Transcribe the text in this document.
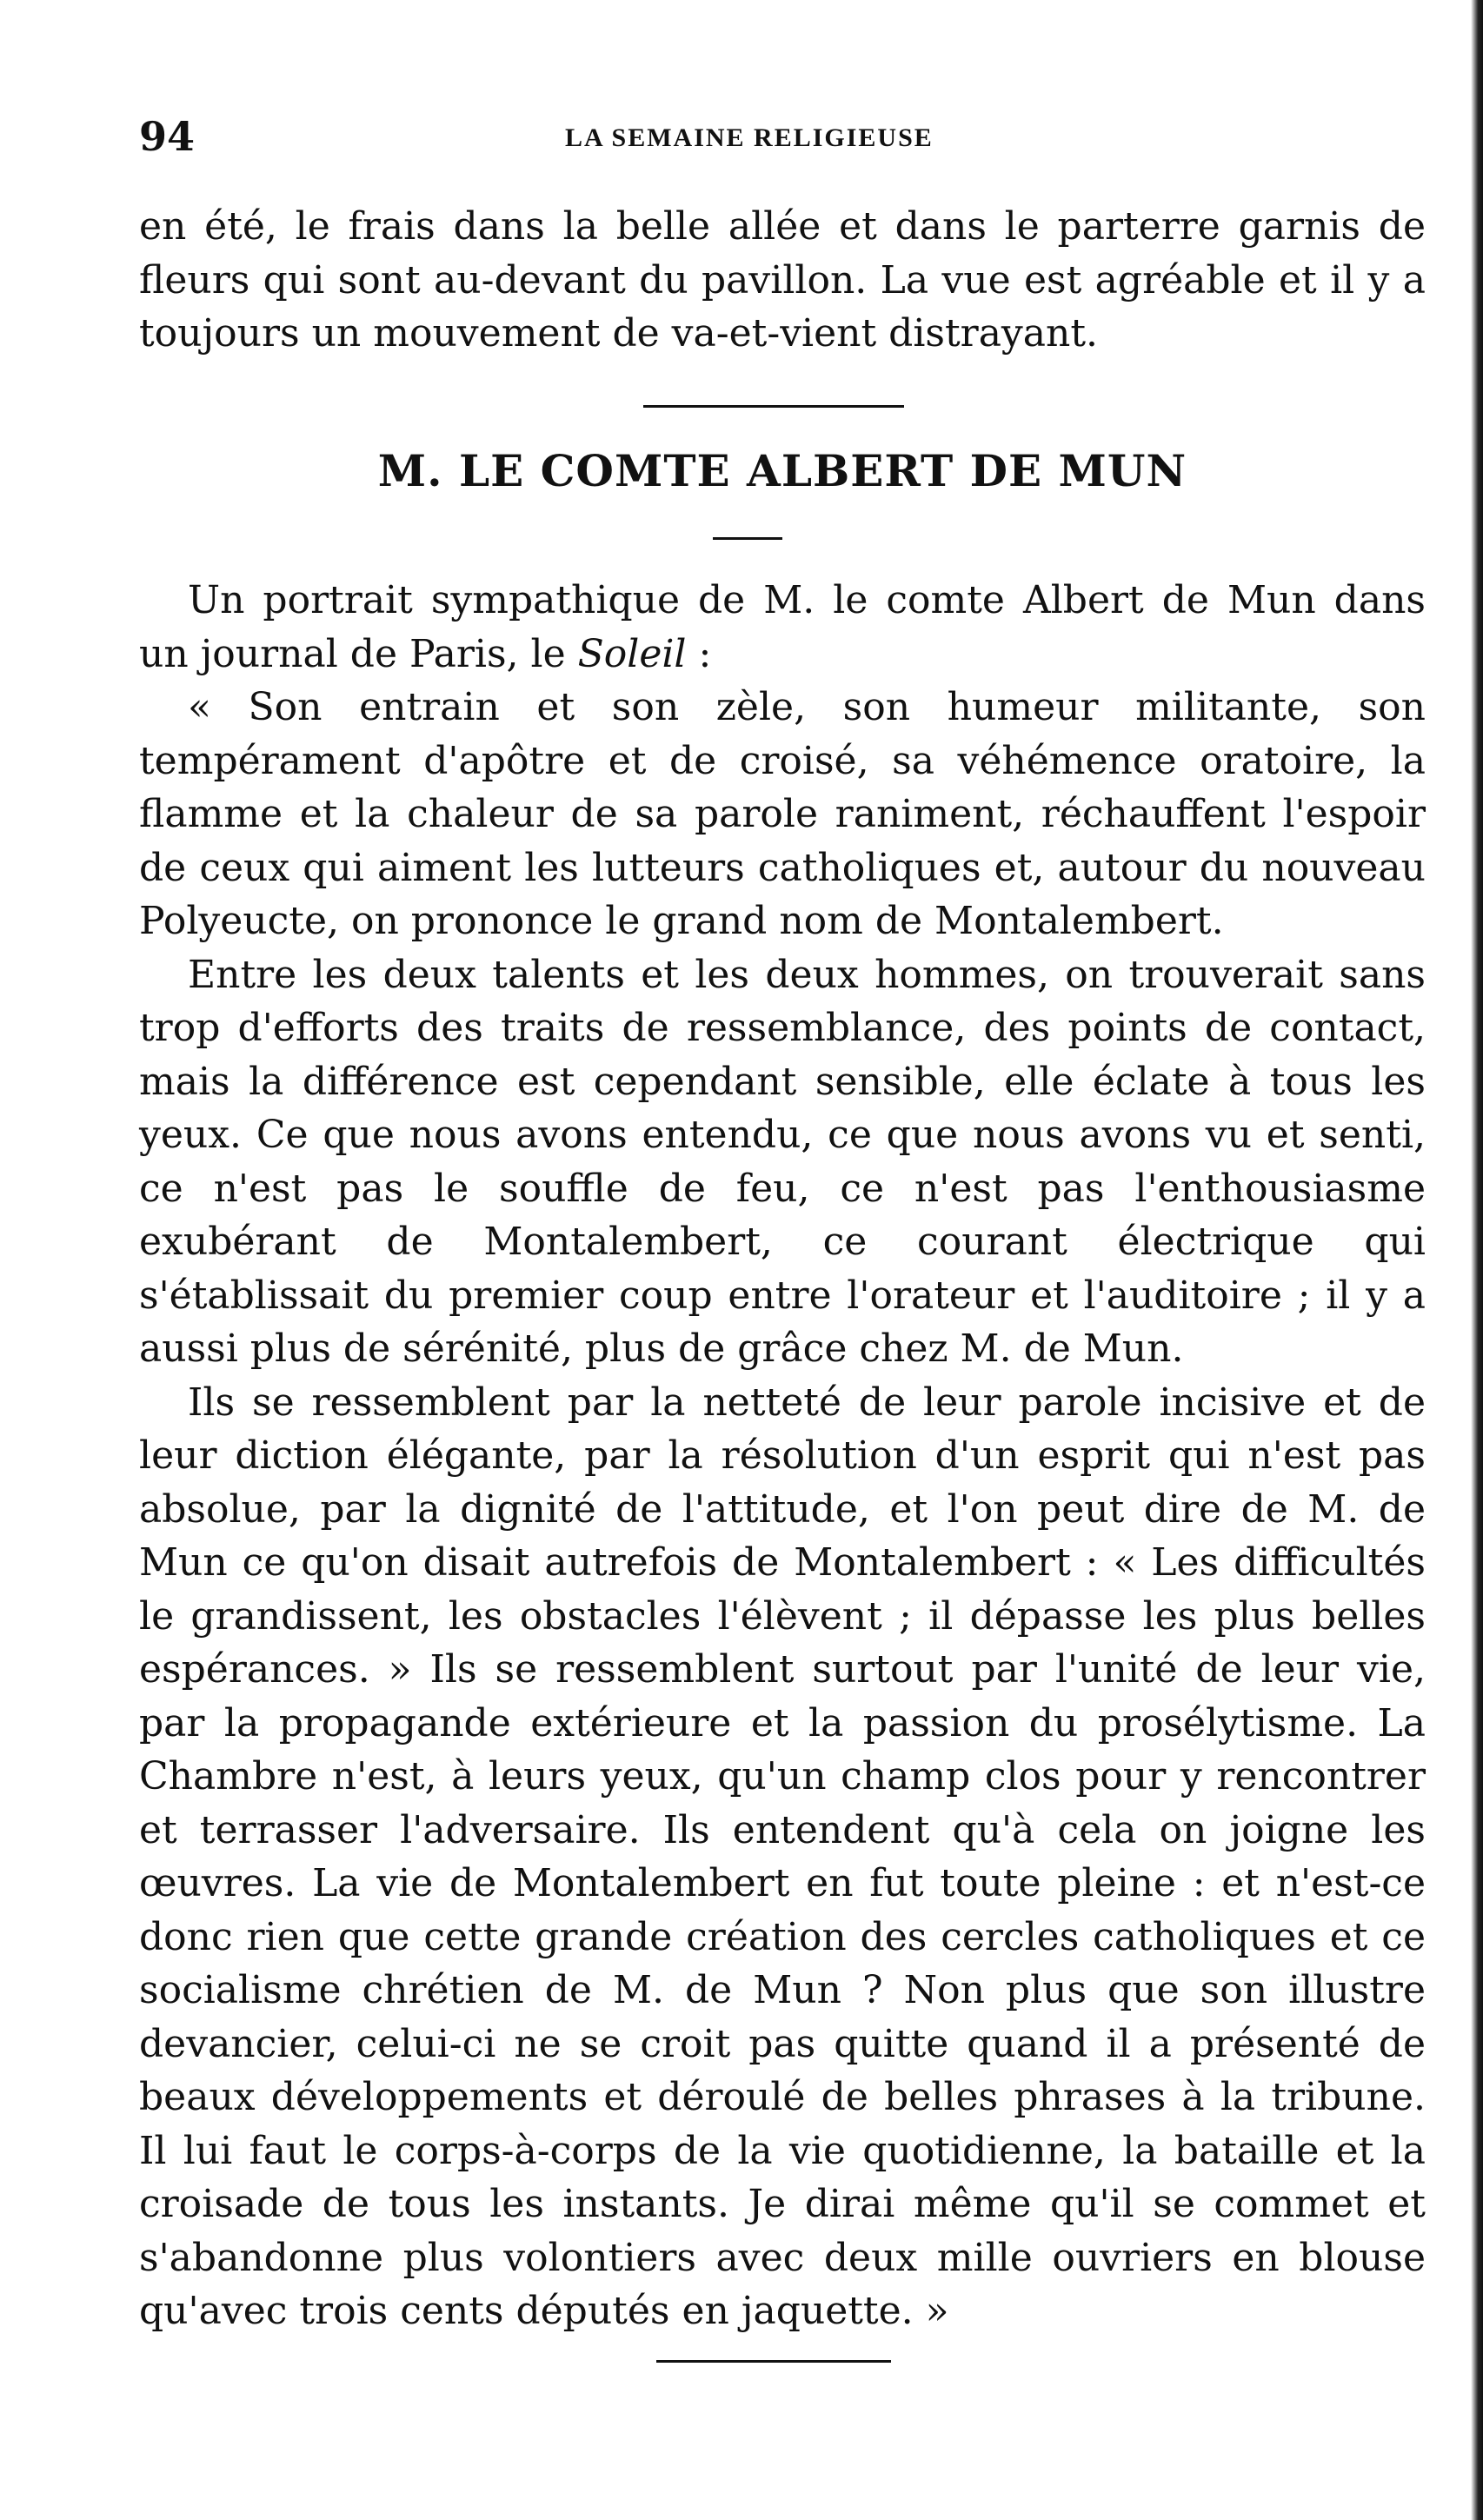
94	LA SEMAINE RELIGIEUSE

en été, le frais dans la belle allée et dans le parterre garnis de fleurs qui sont au-devant du pavillon. La vue est agréable et il y a toujours un mouvement de va-et-vient distrayant.

M. LE COMTE ALBERT DE MUN

Un portrait sympathique de M. le comte Albert de Mun dans un journal de Paris, le Soleil :

« Son entrain et son zèle, son humeur militante, son tempérament d'apôtre et de croisé, sa véhémence oratoire, la flamme et la chaleur de sa parole raniment, réchauffent l'espoir de ceux qui aiment les lutteurs catholiques et, autour du nouveau Polyeucte, on prononce le grand nom de Montalembert.

Entre les deux talents et les deux hommes, on trouverait sans trop d'efforts des traits de ressemblance, des points de contact, mais la différence est cependant sensible, elle éclate à tous les yeux. Ce que nous avons entendu, ce que nous avons vu et senti, ce n'est pas le souffle de feu, ce n'est pas l'enthousiasme exubérant de Montalembert, ce courant électrique qui s'établissait du premier coup entre l'orateur et l'auditoire ; il y a aussi plus de sérénité, plus de grâce chez M. de Mun.

Ils se ressemblent par la netteté de leur parole incisive et de leur diction élégante, par la résolution d'un esprit qui n'est pas absolue, par la dignité de l'attitude, et l'on peut dire de M. de Mun ce qu'on disait autrefois de Montalembert : « Les difficultés le grandissent, les obstacles l'élèvent ; il dépasse les plus belles espérances. » Ils se ressemblent surtout par l'unité de leur vie, par la propagande extérieure et la passion du prosélytisme. La Chambre n'est, à leurs yeux, qu'un champ clos pour y rencontrer et terrasser l'adversaire. Ils entendent qu'à cela on joigne les œuvres. La vie de Montalembert en fut toute pleine : et n'est-ce donc rien que cette grande création des cercles catholiques et ce socialisme chrétien de M. de Mun ? Non plus que son illustre devancier, celui-ci ne se croit pas quitte quand il a présenté de beaux développements et déroulé de belles phrases à la tribune. Il lui faut le corps-à-corps de la vie quotidienne, la bataille et la croisade de tous les instants. Je dirai même qu'il se commet et s'abandonne plus volontiers avec deux mille ouvriers en blouse qu'avec trois cents députés en jaquette. »
